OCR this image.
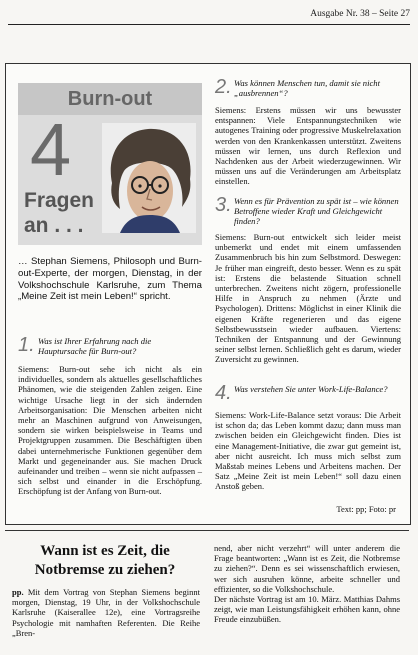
Ausgabe Nr. 38 – Seite 27
Burn-out
4
Fragen
an . . .
… Stephan Siemens, Philosoph und Burn-out-Experte, der morgen, Dienstag, in der Volkshochschule Karlsruhe, zum Thema „Meine Zeit ist mein Leben!“ spricht.
1. Was ist Ihrer Erfahrung nach die Hauptursache für Burn-out?
Siemens: Burn-out sehe ich nicht als ein individuelles, sondern als aktuelles gesellschaftliches Phänomen, wie die steigenden Zahlen zeigen. Eine wichtige Ursache liegt in der sich ändernden Arbeitsorganisation: Die Menschen arbeiten nicht mehr an Maschinen aufgrund von Anweisungen, sondern sie wirken beispielsweise in Teams und Projektgruppen zusammen. Die Beschäftigten üben dabei unternehmerische Funktionen gegenüber dem Markt und gegeneinander aus. Sie machen Druck aufeinander und treiben – wenn sie nicht aufpassen – sich selbst und einander in die Erschöpfung. Erschöpfung ist der Anfang von Burn-out.
2. Was können Menschen tun, damit sie nicht „ausbrennen“?
Siemens: Erstens müssen wir uns bewusster entspannen: Viele Entspannungstechniken wie autogenes Training oder progressive Muskelrelaxation werden von den Krankenkassen unterstützt. Zweitens müssen wir lernen, uns durch Reflexion und Nachdenken aus der Arbeit wiederzugewinnen. Wir müssen uns auf die Veränderungen am Arbeitsplatz einstellen.
3. Wenn es für Prävention zu spät ist – wie können Betroffene wieder Kraft und Gleichgewicht finden?
Siemens: Burn-out entwickelt sich leider meist unbemerkt und endet mit einem umfassenden Zusammenbruch bis hin zum Selbstmord. Deswegen: Je früher man eingreift, desto besser. Wenn es zu spät ist: Erstens die belastende Situation schnell unterbrechen. Zweitens nicht zögern, professionelle Hilfe in Anspruch zu nehmen (Ärzte und Psychologen). Drittens: Möglichst in einer Klinik die eigenen Kräfte regenerieren und das eigene Selbstbewusstsein wieder aufbauen. Viertens: Techniken der Entspannung und der Gewinnung seiner selbst lernen. Schließlich geht es darum, wieder Zuversicht zu gewinnen.
4. Was verstehen Sie unter Work-Life-Balance?
Siemens: Work-Life-Balance setzt voraus: Die Arbeit ist schon da; das Leben kommt dazu; dann muss man zwischen beiden ein Gleichgewicht finden. Dies ist eine Management-Initiative, die zwar gut gemeint ist, aber nicht ausreicht. Ich muss mich selbst zum Maßstab meines Lebens und Arbeitens machen. Der Satz „Meine Zeit ist mein Leben!“ soll dazu einen Anstoß geben.
Text: pp; Foto: pr
Wann ist es Zeit, die
Notbremse zu ziehen?
pp. Mit dem Vortrag von Stephan Siemens beginnt morgen, Dienstag, 19 Uhr, in der Volkshochschule Karlsruhe (Kaiserallee 12e), eine Vortragsreihe Psychologie mit namhaften Referenten. Die Reihe „Bren-
nend, aber nicht verzehrt“ will unter anderem die Frage beantworten: „Wann ist es Zeit, die Notbremse zu ziehen?“. Denn es sei wissenschaftlich erwiesen, wer sich ausruhen könne, arbeite schneller und effizienter, so die Volkshochschule.
Der nächste Vortrag ist am 10. März. Matthias Dahms zeigt, wie man Leistungsfähigkeit erhöhen kann, ohne Freude einzubüßen.
